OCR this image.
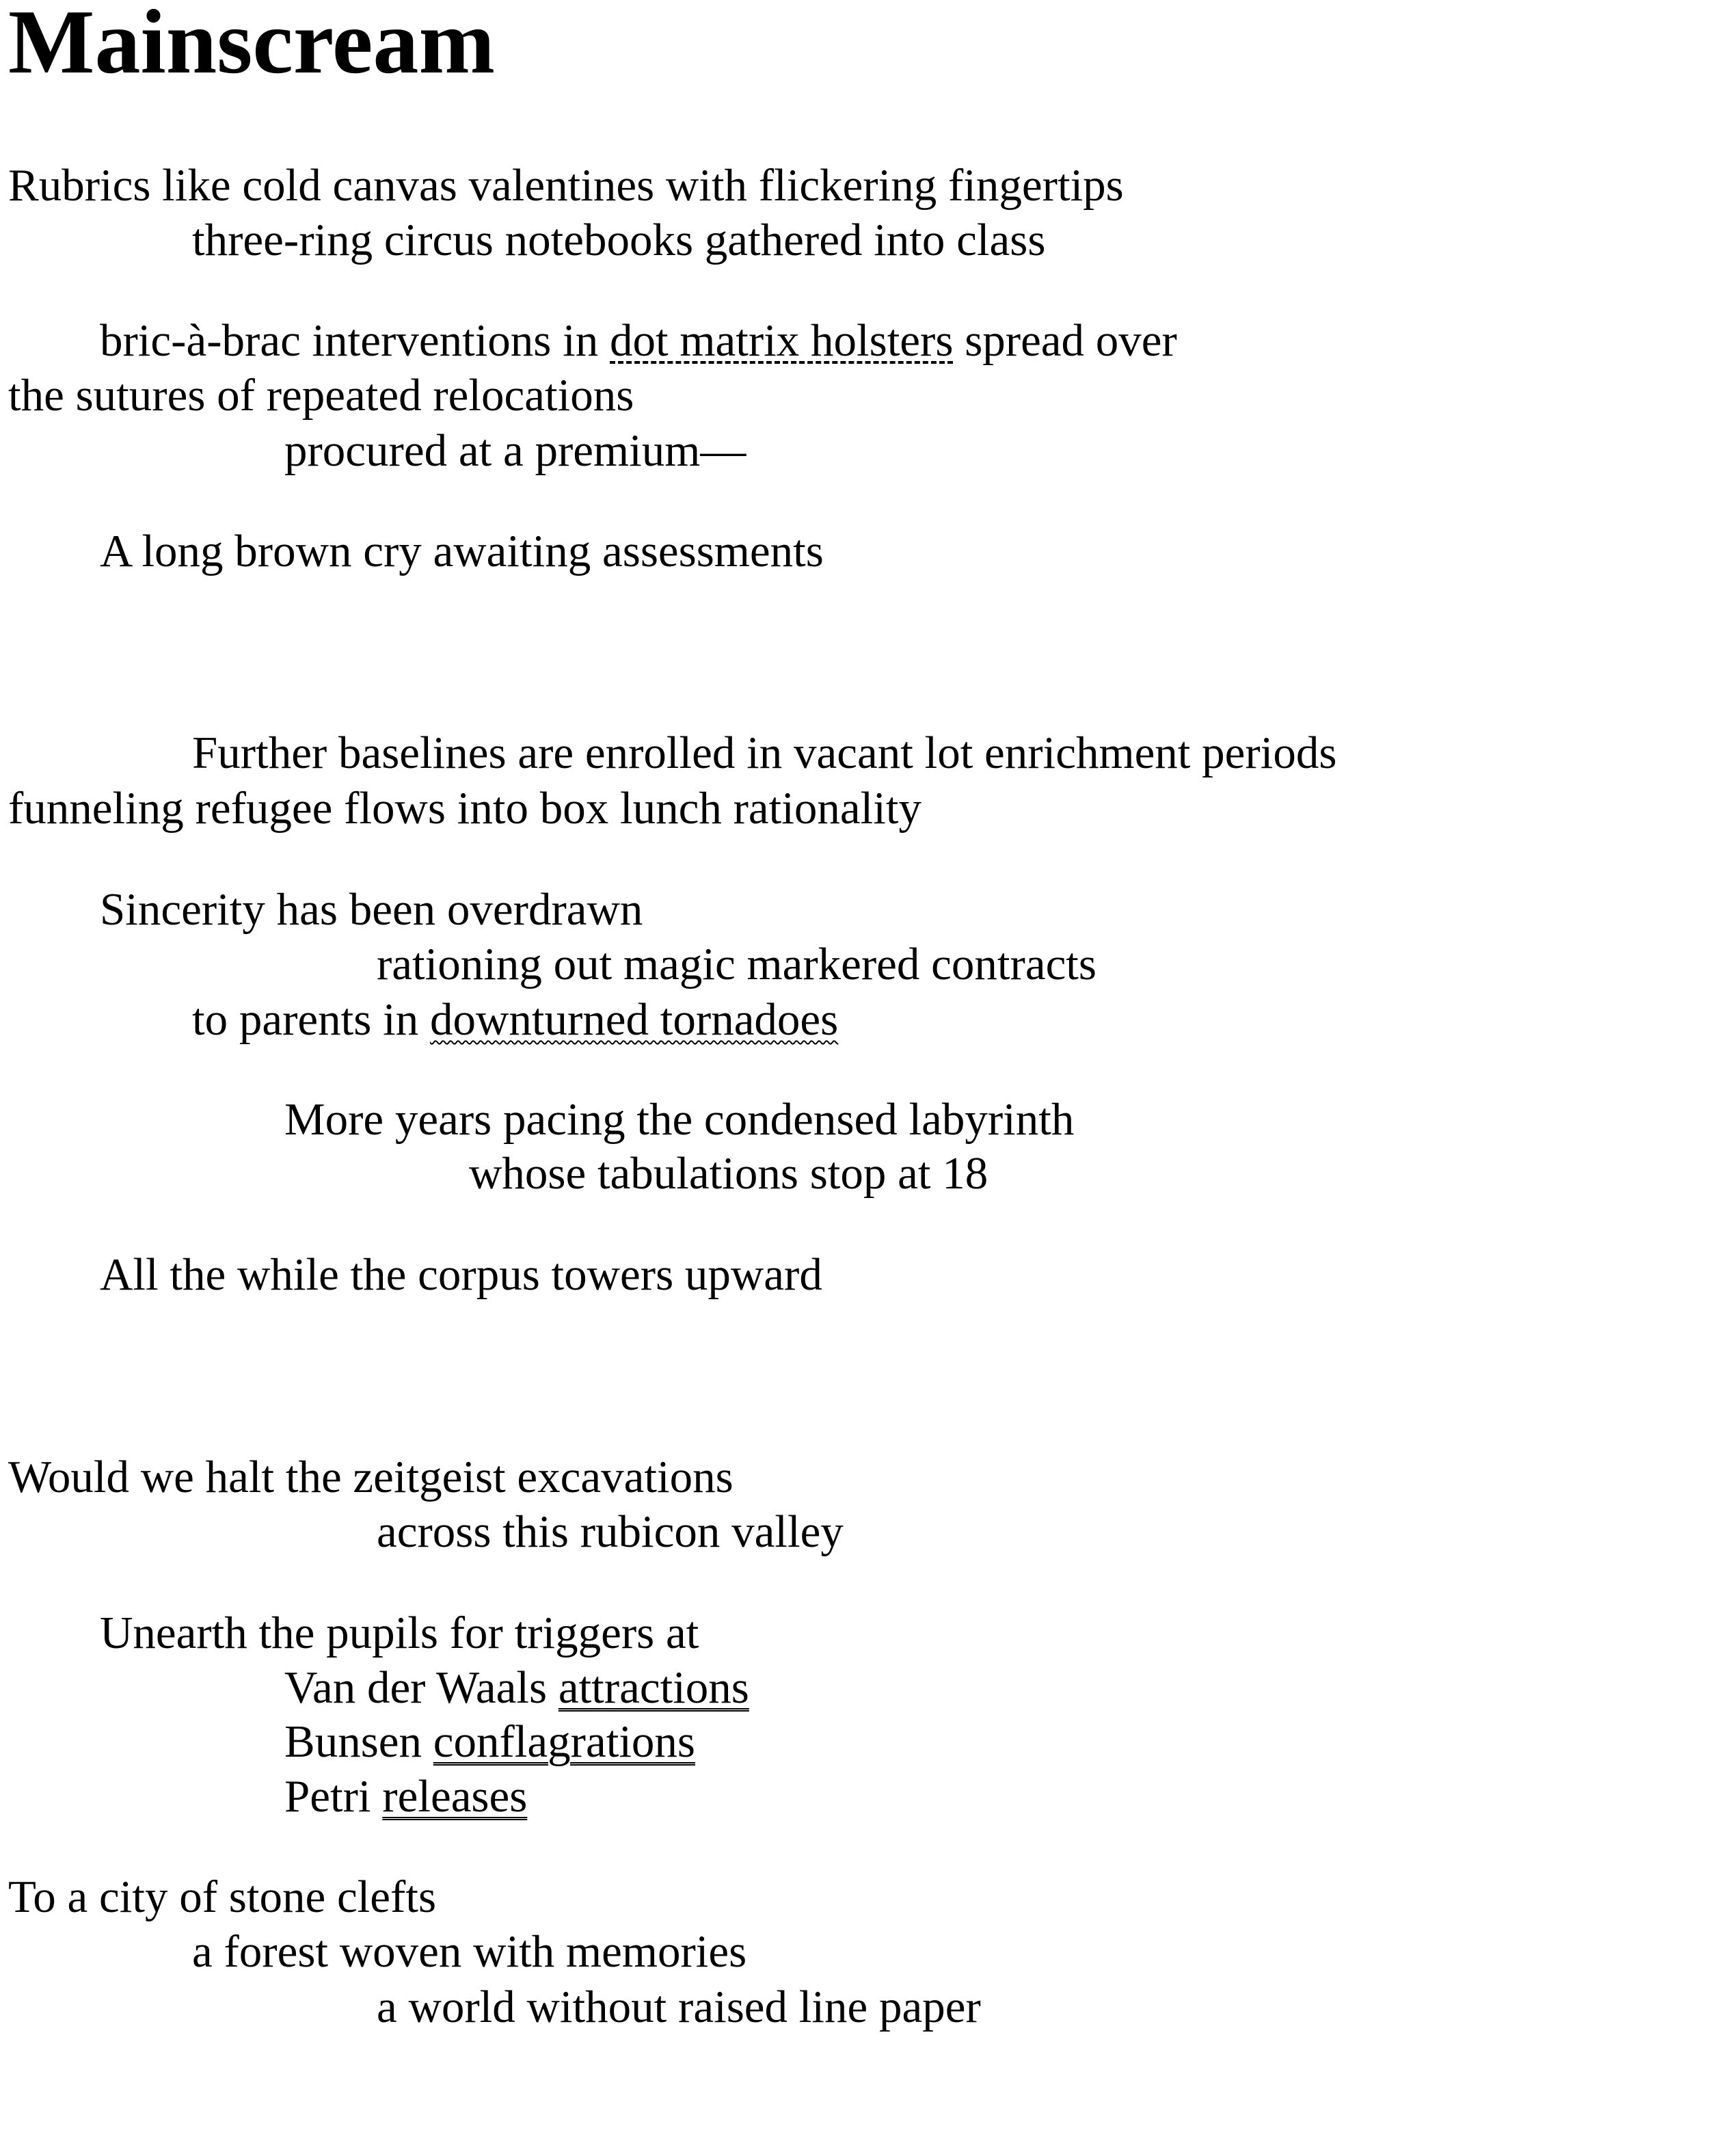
Mainscream

Rubrics like cold canvas valentines with flickering fingertips

three-ring circus notebooks gathered into class

bric-à-brac interventions in dot matrix holsters spread over

the sutures of repeated relocations

procured at a premium—

A long brown cry awaiting assessments

Further baselines are enrolled in vacant lot enrichment periods

funneling refugee flows into box lunch rationality

Sincerity has been overdrawn

rationing out magic markered contracts

to parents in downturned tornadoes

More years pacing the condensed labyrinth

whose tabulations stop at 18

All the while the corpus towers upward

Would we halt the zeitgeist excavations

across this rubicon valley

Unearth the pupils for triggers at

Van der Waals attractions

Bunsen conflagrations

Petri releases

To a city of stone clefts

a forest woven with memories

a world without raised line paper
